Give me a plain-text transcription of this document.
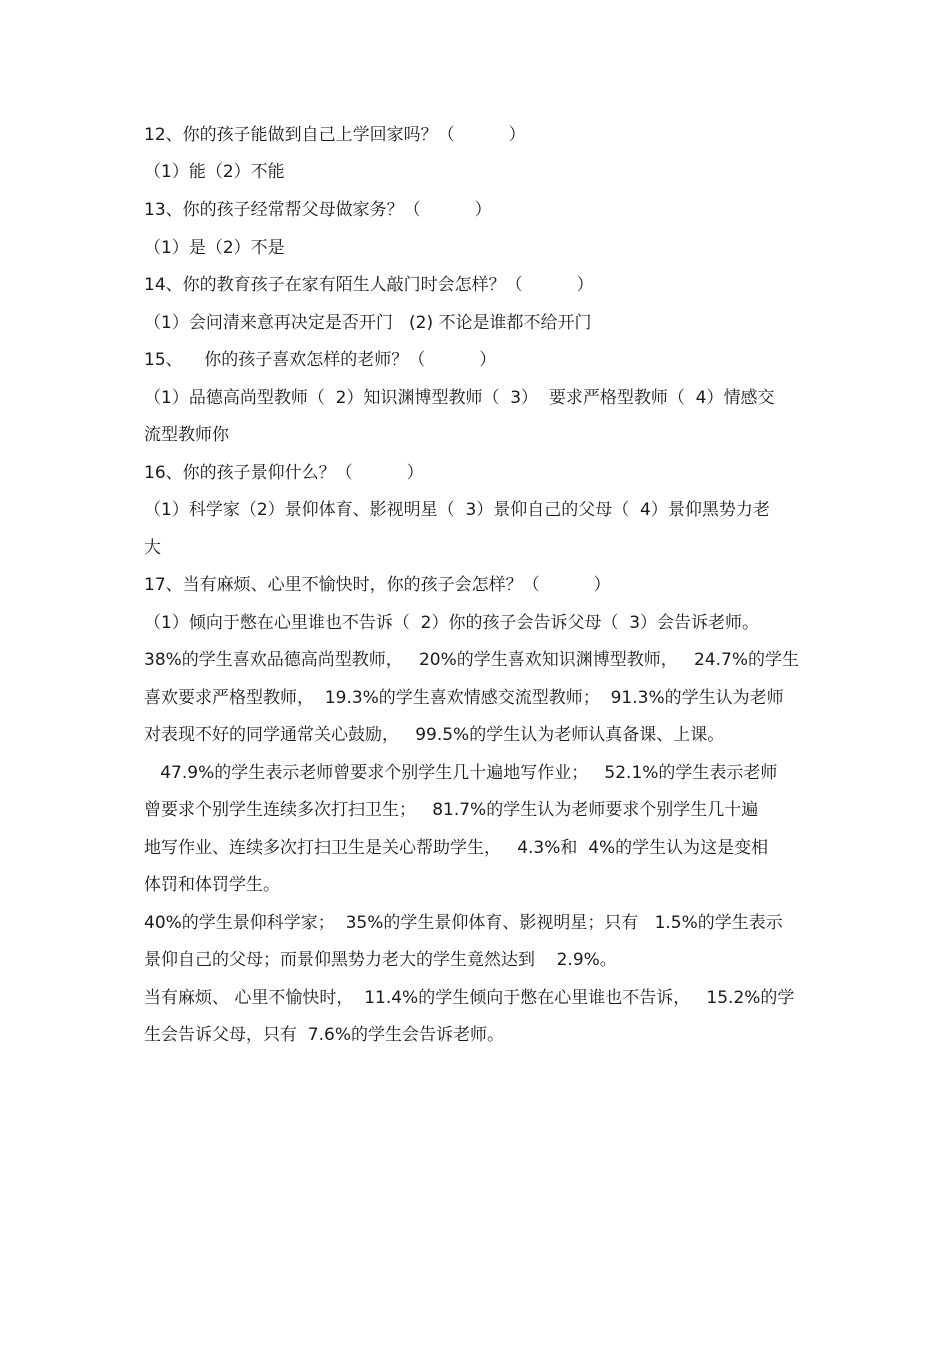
12、你的孩子能做到自己上学回家吗？（          ）
（1）能（2）不能
13、你的孩子经常帮父母做家务？（          ）
（1）是（2）不是
14、你的教育孩子在家有陌生人敲门时会怎样？（          ）
（1）会问清来意再决定是否开门   (2) 不论是谁都不给开门
15、    你的孩子喜欢怎样的老师？（          ）
（1）品德高尚型教师（  2）知识渊博型教师（  3）  要求严格型教师（  4）情感交
流型教师你
16、你的孩子景仰什么？（          ）
（1）科学家（2）景仰体育、影视明星（  3）景仰自己的父母（  4）景仰黑势力老
大
17、当有麻烦、心里不愉快时，你的孩子会怎样？（          ）
（1）倾向于憋在心里谁也不告诉（  2）你的孩子会告诉父母（  3）会告诉老师。
38%的学生喜欢品德高尚型教师，   20%的学生喜欢知识渊博型教师，   24.7%的学生
喜欢要求严格型教师，  19.3%的学生喜欢情感交流型教师；  91.3%的学生认为老师
对表现不好的同学通常关心鼓励，   99.5%的学生认为老师认真备课、上课。
47.9%的学生表示老师曾要求个别学生几十遍地写作业；   52.1%的学生表示老师
曾要求个别学生连续多次打扫卫生；   81.7%的学生认为老师要求个别学生几十遍
地写作业、连续多次打扫卫生是关心帮助学生，   4.3%和  4%的学生认为这是变相
体罚和体罚学生。
40%的学生景仰科学家；  35%的学生景仰体育、影视明星；只有   1.5%的学生表示
景仰自己的父母；而景仰黑势力老大的学生竟然达到    2.9%。
当有麻烦、 心里不愉快时，  11.4%的学生倾向于憋在心里谁也不告诉，   15.2%的学
生会告诉父母，只有  7.6%的学生会告诉老师。
